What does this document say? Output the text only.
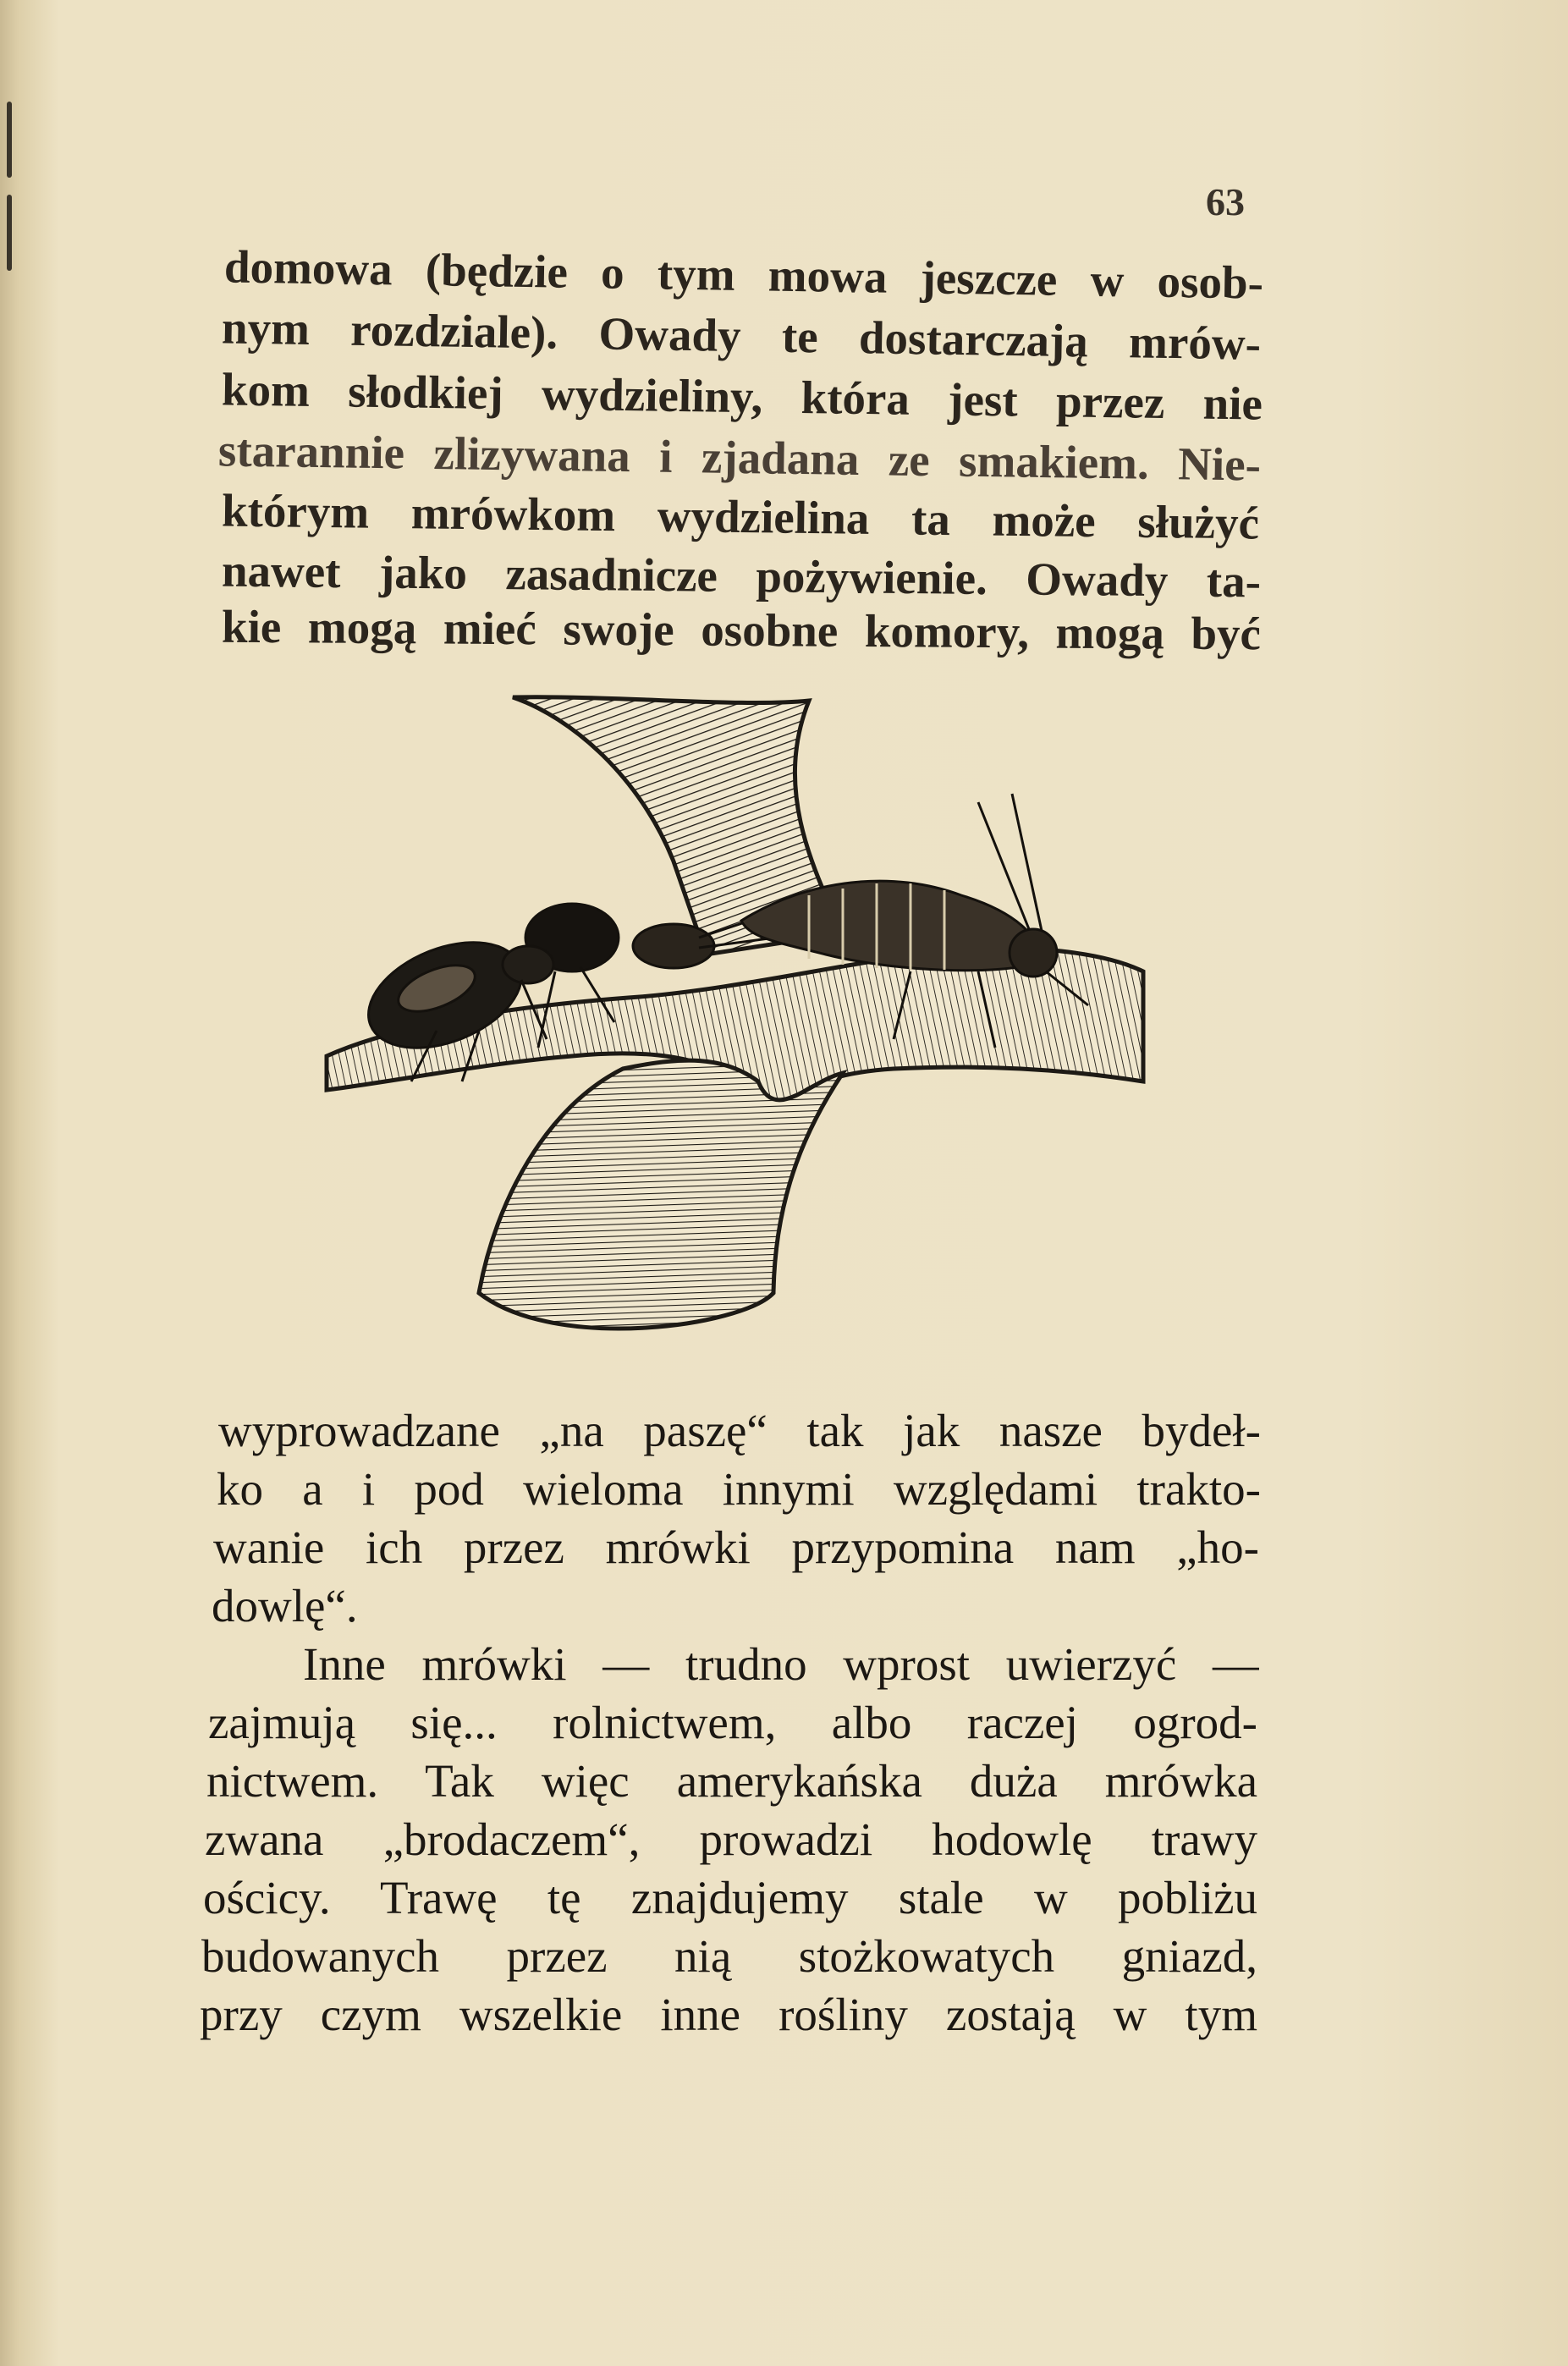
63
domowa (będzie o tym mowa jeszcze w osob-
nym rozdziale). Owady te dostarczają mrów-
kom słodkiej wydzieliny, która jest przez nie
starannie zlizywana i zjadana ze smakiem. Nie-
którym mrówkom wydzielina ta może służyć
nawet jako zasadnicze pożywienie. Owady ta-
kie mogą mieć swoje osobne komory, mogą być
wyprowadzane „na paszę“ tak jak nasze bydeł-
ko a i pod wieloma innymi względami trakto-
wanie ich przez mrówki przypomina nam „ho-
dowlę“.
Inne mrówki — trudno wprost uwierzyć —
zajmują się... rolnictwem, albo raczej ogrod-
nictwem. Tak więc amerykańska duża mrówka
zwana „brodaczem“, prowadzi hodowlę trawy
ościcy. Trawę tę znajdujemy stale w pobliżu
budowanych przez nią stożkowatych gniazd,
przy czym wszelkie inne rośliny zostają w tym
